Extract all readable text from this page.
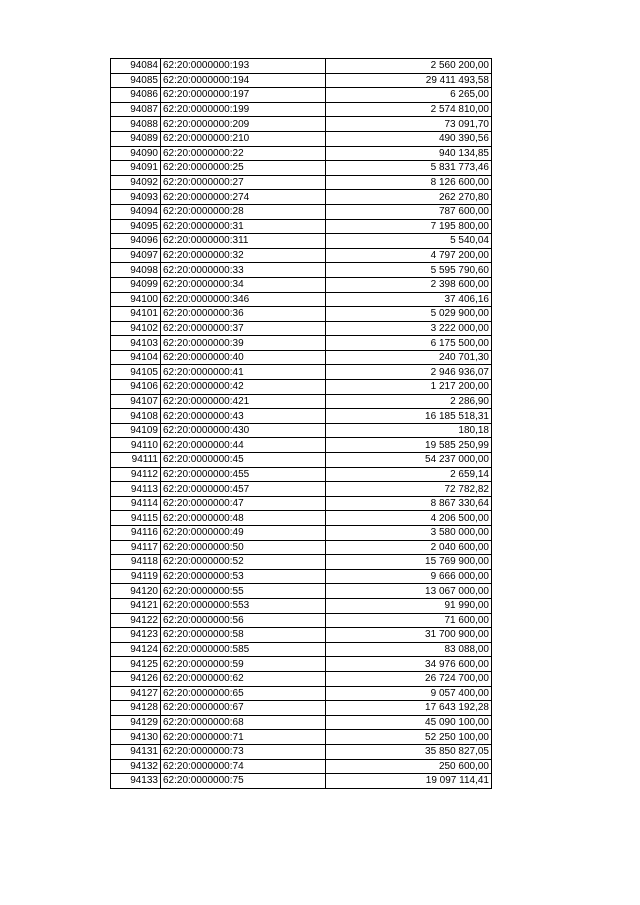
94084	62:20:0000000:193	2 560 200,00
94085	62:20:0000000:194	29 411 493,58
94086	62:20:0000000:197	6 265,00
94087	62:20:0000000:199	2 574 810,00
94088	62:20:0000000:209	73 091,70
94089	62:20:0000000:210	490 390,56
94090	62:20:0000000:22	940 134,85
94091	62:20:0000000:25	5 831 773,46
94092	62:20:0000000:27	8 126 600,00
94093	62:20:0000000:274	262 270,80
94094	62:20:0000000:28	787 600,00
94095	62:20:0000000:31	7 195 800,00
94096	62:20:0000000:311	5 540,04
94097	62:20:0000000:32	4 797 200,00
94098	62:20:0000000:33	5 595 790,60
94099	62:20:0000000:34	2 398 600,00
94100	62:20:0000000:346	37 406,16
94101	62:20:0000000:36	5 029 900,00
94102	62:20:0000000:37	3 222 000,00
94103	62:20:0000000:39	6 175 500,00
94104	62:20:0000000:40	240 701,30
94105	62:20:0000000:41	2 946 936,07
94106	62:20:0000000:42	1 217 200,00
94107	62:20:0000000:421	2 286,90
94108	62:20:0000000:43	16 185 518,31
94109	62:20:0000000:430	180,18
94110	62:20:0000000:44	19 585 250,99
94111	62:20:0000000:45	54 237 000,00
94112	62:20:0000000:455	2 659,14
94113	62:20:0000000:457	72 782,82
94114	62:20:0000000:47	8 867 330,64
94115	62:20:0000000:48	4 206 500,00
94116	62:20:0000000:49	3 580 000,00
94117	62:20:0000000:50	2 040 600,00
94118	62:20:0000000:52	15 769 900,00
94119	62:20:0000000:53	9 666 000,00
94120	62:20:0000000:55	13 067 000,00
94121	62:20:0000000:553	91 990,00
94122	62:20:0000000:56	71 600,00
94123	62:20:0000000:58	31 700 900,00
94124	62:20:0000000:585	83 088,00
94125	62:20:0000000:59	34 976 600,00
94126	62:20:0000000:62	26 724 700,00
94127	62:20:0000000:65	9 057 400,00
94128	62:20:0000000:67	17 643 192,28
94129	62:20:0000000:68	45 090 100,00
94130	62:20:0000000:71	52 250 100,00
94131	62:20:0000000:73	35 850 827,05
94132	62:20:0000000:74	250 600,00
94133	62:20:0000000:75	19 097 114,41
